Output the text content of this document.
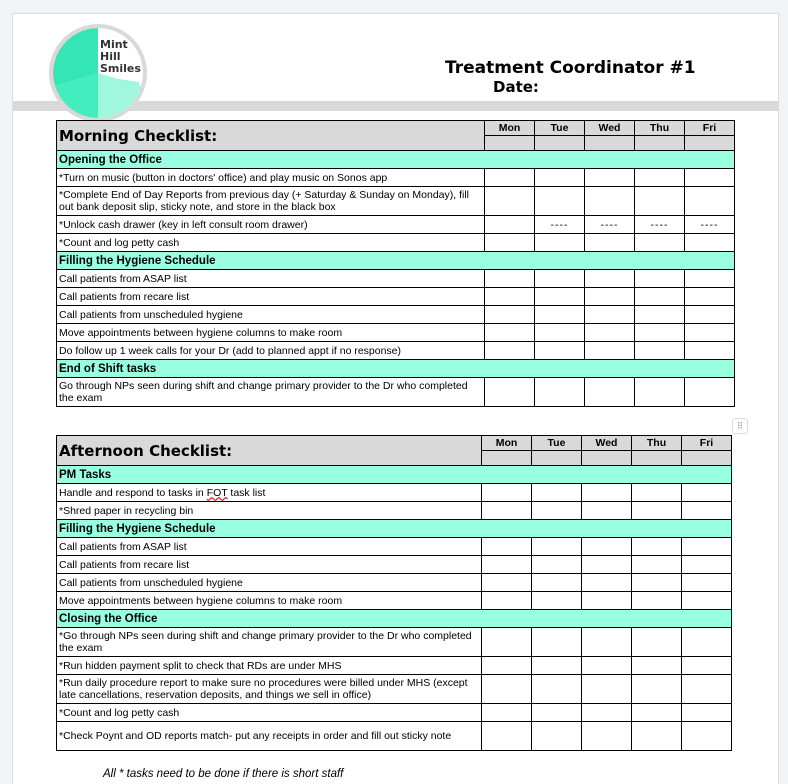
Mint
Hill
Smiles	Treatment Coordinator #1
Date:
Morning Checklist:	Mon	Tue	Wed	Thu	Fri

Opening the Office					
*Turn on music (button in doctors' office) and play music on Sonos app					
*Complete End of Day Reports from previous day (+ Saturday & Sunday on Monday), fill out bank deposit slip, sticky note, and store in the black box					
*Unlock cash drawer (key in left consult room drawer)		----	----	----	----
*Count and log petty cash					
Filling the Hygiene Schedule					
Call patients from ASAP list					
Call patients from recare list					
Call patients from unscheduled hygiene					
Move appointments between hygiene columns to make room					
Do follow up 1 week calls for your Dr (add to planned appt if no response)					
End of Shift tasks					
Go through NPs seen during shift and change primary provider to the Dr who completed the exam					
Afternoon Checklist:	Mon	Tue	Wed	Thu	Fri

PM Tasks					
Handle and respond to tasks in FOT task list					
*Shred paper in recycling bin					
Filling the Hygiene Schedule					
Call patients from ASAP list					
Call patients from recare list					
Call patients from unscheduled hygiene					
Move appointments between hygiene columns to make room					
Closing the Office					
*Go through NPs seen during shift and change primary provider to the Dr who completed the exam					
*Run hidden payment split to check that RDs are under MHS					
*Run daily procedure report to make sure no procedures were billed under MHS (except late cancellations, reservation deposits, and things we sell in office)					
*Count and log petty cash					
*Check Poynt and OD reports match- put any receipts in order and fill out sticky note					
⠿
All * tasks need to be done if there is short staff
